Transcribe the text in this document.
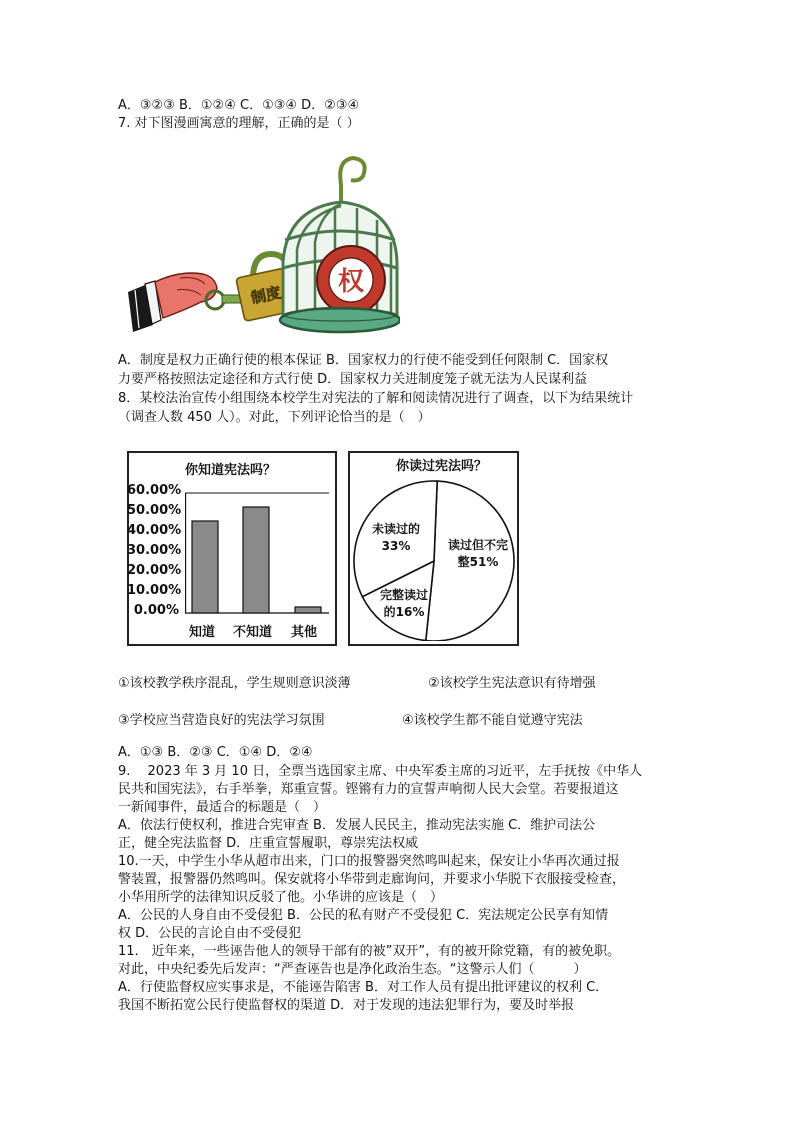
A．③②③ B．①②④ C．①③④ D．②③④
7. 对下图漫画寓意的理解，正确的是（ ）
制度 权
A．制度是权力正确行使的根本保证 B．国家权力的行使不能受到任何限制 C．国家权
力要严格按照法定途径和方式行使 D．国家权力关进制度笼子就无法为人民谋利益
8．某校法治宣传小组围绕本校学生对宪法的了解和阅读情况进行了调查，以下为结果统计
（调查人数 450 人）。对此，下列评论恰当的是（　）
你知道宪法吗？
60.00%
50.00%
40.00%
30.00%
20.00%
10.00%
0.00%
知道 不知道 其他
你读过宪法吗？
读过但不完
整51%
完整读过
的16%
未读过的
33%
①该校教学秩序混乱，学生规则意识淡薄	②该校学生宪法意识有待增强
③学校应当营造良好的宪法学习氛围	④该校学生都不能自觉遵守宪法
A．①③ B．②③ C．①④ D．②④
9.　 2023 年 3 月 10 日，全票当选国家主席、中央军委主席的习近平，左手抚按《中华人
民共和国宪法》，右手举拳，郑重宣誓。铿锵有力的宣誓声响彻人民大会堂。若要报道这
一新闻事件，最适合的标题是（　）
A．依法行使权利，推进合宪审查 B．发展人民民主，推动宪法实施 C．维护司法公
正，健全宪法监督 D．庄重宣誓履职，尊崇宪法权威
10.一天，中学生小华从超市出来，门口的报警器突然鸣叫起来，保安让小华再次通过报
警装置，报警器仍然鸣叫。保安就将小华带到走廊询问，并要求小华脱下衣服接受检查，
小华用所学的法律知识反驳了他。小华讲的应该是（　）
A．公民的人身自由不受侵犯 B．公民的私有财产不受侵犯 C．宪法规定公民享有知情
权 D．公民的言论自由不受侵犯
11.　近年来，一些诬告他人的领导干部有的被”双开”，有的被开除党籍，有的被免职。
对此，中央纪委先后发声：“严查诬告也是净化政治生态。“这警示人们（　　　）
A．行使监督权应实事求是，不能诬告陷害 B．对工作人员有提出批评建议的权利 C．
我国不断拓宽公民行使监督权的渠道 D．对于发现的违法犯罪行为，要及时举报
